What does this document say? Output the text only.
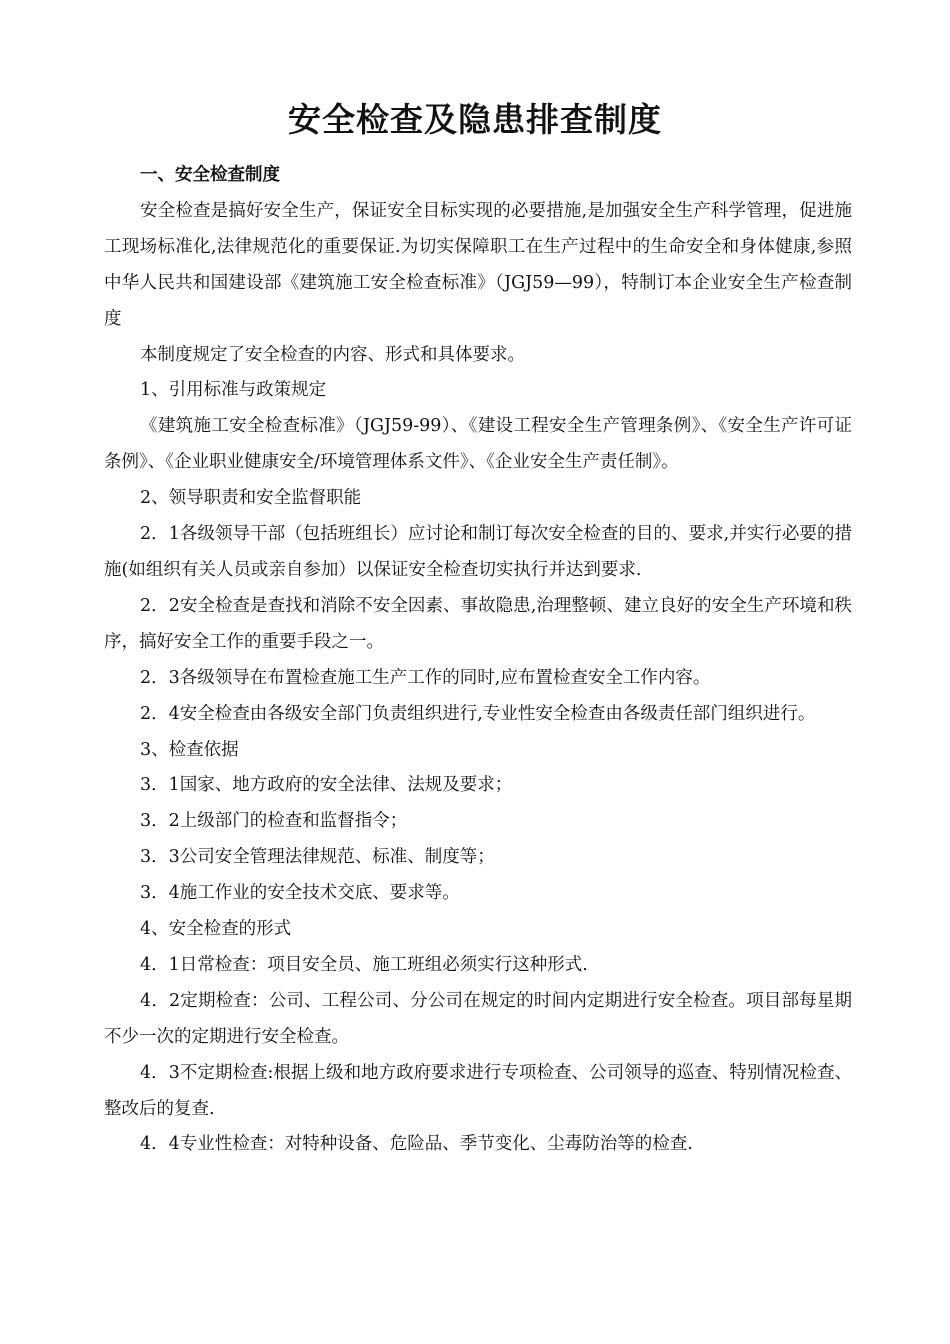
安全检查及隐患排查制度

一、安全检查制度

安全检查是搞好安全生产，保证安全目标实现的必要措施,是加强安全生产科学管理，促进施工现场标准化,法律规范化的重要保证.为切实保障职工在生产过程中的生命安全和身体健康,参照中华人民共和国建设部《建筑施工安全检查标准》（JGJ59—99），特制订本企业安全生产检查制度

本制度规定了安全检查的内容、形式和具体要求。

1、引用标准与政策规定

《建筑施工安全检查标准》（JGJ59-99）、《建设工程安全生产管理条例》、《安全生产许可证条例》、《企业职业健康安全/环境管理体系文件》、《企业安全生产责任制》。

2、领导职责和安全监督职能

2．1各级领导干部（包括班组长）应讨论和制订每次安全检查的目的、要求,并实行必要的措施(如组织有关人员或亲自参加）以保证安全检查切实执行并达到要求.

2．2安全检查是查找和消除不安全因素、事故隐患,治理整顿、建立良好的安全生产环境和秩序，搞好安全工作的重要手段之一。

2．3各级领导在布置检查施工生产工作的同时,应布置检查安全工作内容。

2．4安全检查由各级安全部门负责组织进行,专业性安全检查由各级责任部门组织进行。

3、检查依据

3．1国家、地方政府的安全法律、法规及要求；

3．2上级部门的检查和监督指令；

3．3公司安全管理法律规范、标准、制度等；

3．4施工作业的安全技术交底、要求等。

4、安全检查的形式

4．1日常检查：项目安全员、施工班组必须实行这种形式.

4．2定期检查：公司、工程公司、分公司在规定的时间内定期进行安全检查。项目部每星期不少一次的定期进行安全检查。

4．3不定期检查:根据上级和地方政府要求进行专项检查、公司领导的巡查、特别情况检查、整改后的复查.

4．4专业性检查：对特种设备、危险品、季节变化、尘毒防治等的检查.
